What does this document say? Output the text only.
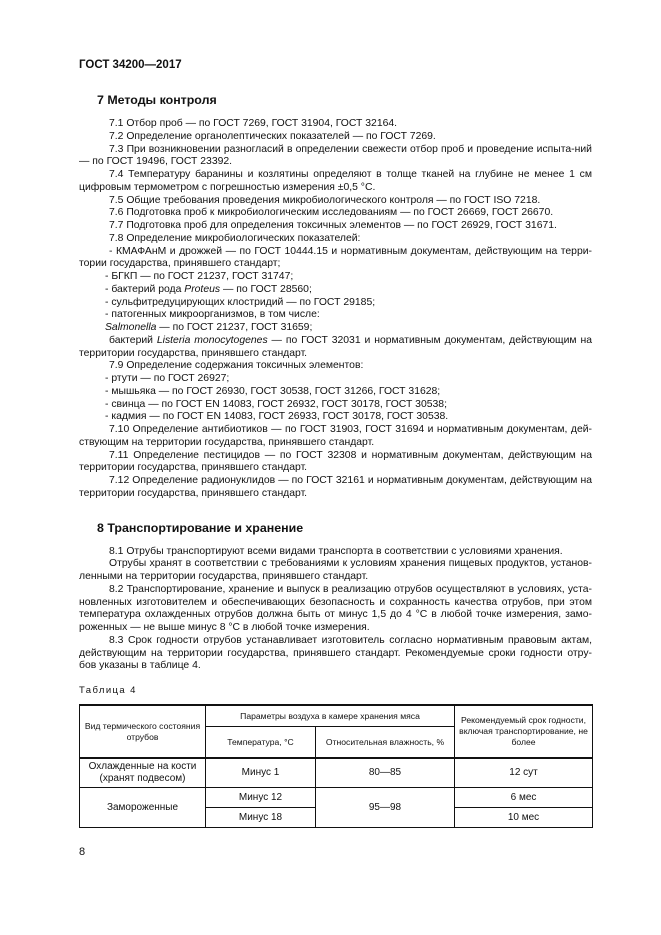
ГОСТ 34200—2017
7 Методы контроля

7.1 Отбор проб — по ГОСТ 7269, ГОСТ 31904, ГОСТ 32164.

7.2 Определение органолептических показателей — по ГОСТ 7269.

7.3 При возникновении разногласий в определении свежести отбор проб и проведение испыта-ний — по ГОСТ 19496, ГОСТ 23392.

7.4 Температуру баранины и козлятины определяют в толще тканей на глубине не менее 1 см цифровым термометром с погрешностью измерения ±0,5 °С.

7.5 Общие требования проведения микробиологического контроля — по ГОСТ ISO 7218.

7.6 Подготовка проб к микробиологическим исследованиям — по ГОСТ 26669, ГОСТ 26670.

7.7 Подготовка проб для определения токсичных элементов — по ГОСТ 26929, ГОСТ 31671.

7.8 Определение микробиологических показателей:

- КМАФАнМ и дрожжей — по ГОСТ 10444.15 и нормативным документам, действующим на терри-тории государства, принявшего стандарт;

- БГКП — по ГОСТ 21237, ГОСТ 31747;

- бактерий рода Proteus — по ГОСТ 28560;

- сульфитредуцирующих клостридий — по ГОСТ 29185;

- патогенных микроорганизмов, в том числе:

Salmonella — по ГОСТ 21237, ГОСТ 31659;

бактерий Listeria monocytogenes — по ГОСТ 32031 и нормативным документам, действующим на территории государства, принявшего стандарт.

7.9 Определение содержания токсичных элементов:

- ртути — по ГОСТ 26927;

- мышьяка — по ГОСТ 26930, ГОСТ 30538, ГОСТ 31266, ГОСТ 31628;

- свинца — по ГОСТ EN 14083, ГОСТ 26932, ГОСТ 30178, ГОСТ 30538;

- кадмия — по ГОСТ EN 14083, ГОСТ 26933, ГОСТ 30178, ГОСТ 30538.

7.10 Определение антибиотиков — по ГОСТ 31903, ГОСТ 31694 и нормативным документам, дей-ствующим на территории государства, принявшего стандарт.

7.11 Определение пестицидов — по ГОСТ 32308 и нормативным документам, действующим на территории государства, принявшего стандарт.

7.12 Определение радионуклидов — по ГОСТ 32161 и нормативным документам, действующим на территории государства, принявшего стандарт.

8 Транспортирование и хранение

8.1 Отрубы транспортируют всеми видами транспорта в соответствии с условиями хранения.

Отрубы хранят в соответствии с требованиями к условиям хранения пищевых продуктов, установ-ленными на территории государства, принявшего стандарт.

8.2 Транспортирование, хранение и выпуск в реализацию отрубов осуществляют в условиях, уста-новленных изготовителем и обеспечивающих безопасность и сохранность качества отрубов, при этом температура охлажденных отрубов должна быть от минус 1,5 до 4 °С в любой точке измерения, замо-роженных — не выше минус 8 °С в любой точке измерения.

8.3 Срок годности отрубов устанавливает изготовитель согласно нормативным правовым актам, действующим на территории государства, принявшего стандарт. Рекомендуемые сроки годности отру-бов указаны в таблице 4.

Таблица 4
Вид термического состояния отрубов	Параметры воздуха в камере хранения мяса		Рекомендуемый срок годности, включая транспортирование, не более
	Температура, °С	Относительная влажность, %	
Охлажденные на кости (хранят подвесом)	Минус 1	80—85	12 сут
Замороженные	Минус 12	95—98	6 мес
	Минус 18		10 мес
8
